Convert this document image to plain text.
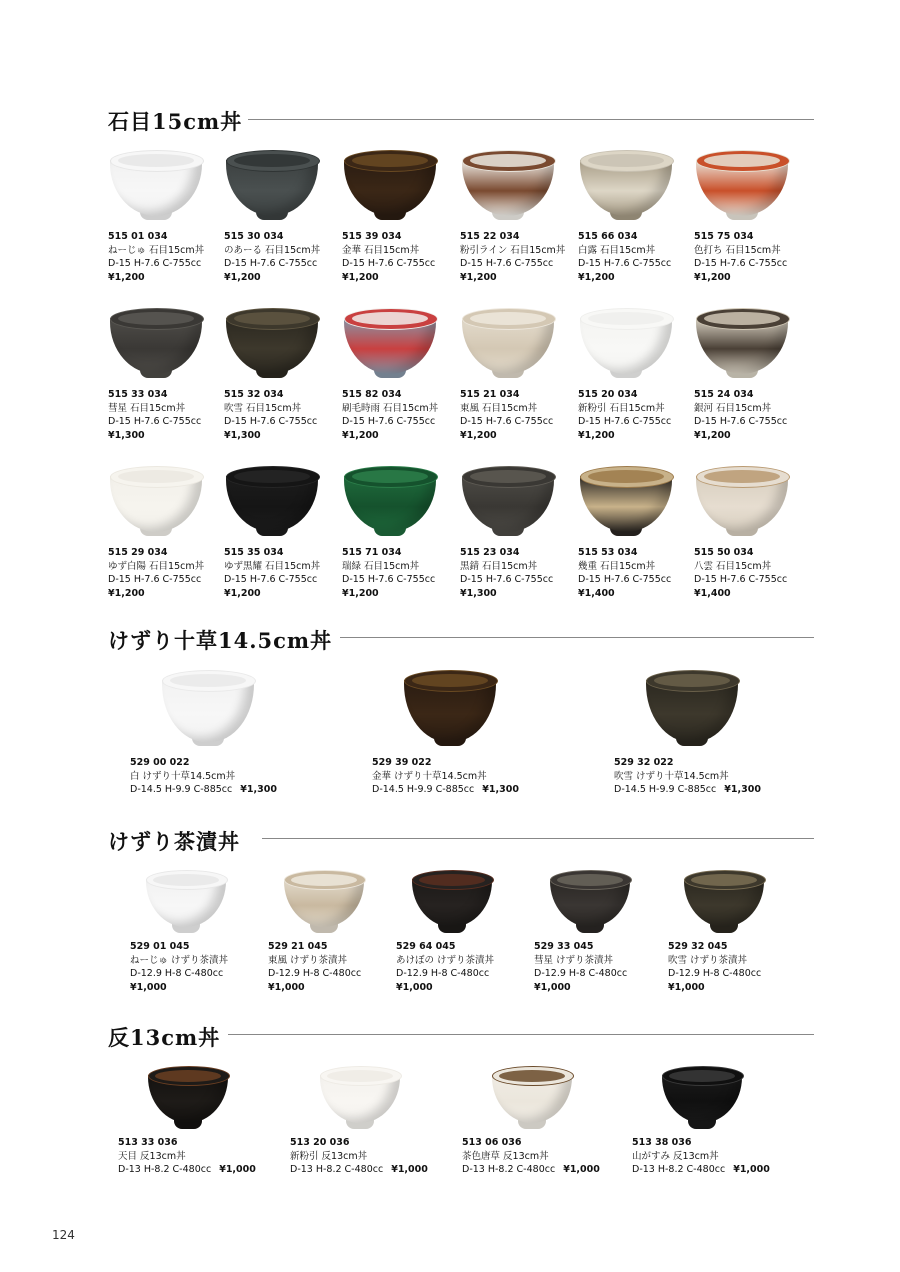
石目15cm丼
けずり十草14.5cm丼
けずり茶漬丼
反13cm丼
515 01 034
ねーじゅ 石目15cm丼
D-15 H-7.6 C-755cc
¥1,200
515 30 034
のあーる 石目15cm丼
D-15 H-7.6 C-755cc
¥1,200
515 39 034
金華 石目15cm丼
D-15 H-7.6 C-755cc
¥1,200
515 22 034
粉引ライン 石目15cm丼
D-15 H-7.6 C-755cc
¥1,200
515 66 034
白露 石目15cm丼
D-15 H-7.6 C-755cc
¥1,200
515 75 034
色打ち 石目15cm丼
D-15 H-7.6 C-755cc
¥1,200
515 33 034
彗星 石目15cm丼
D-15 H-7.6 C-755cc
¥1,300
515 32 034
吹雪 石目15cm丼
D-15 H-7.6 C-755cc
¥1,300
515 82 034
刷毛時雨 石目15cm丼
D-15 H-7.6 C-755cc
¥1,200
515 21 034
東風 石目15cm丼
D-15 H-7.6 C-755cc
¥1,200
515 20 034
新粉引 石目15cm丼
D-15 H-7.6 C-755cc
¥1,200
515 24 034
銀河 石目15cm丼
D-15 H-7.6 C-755cc
¥1,200
515 29 034
ゆず白陽 石目15cm丼
D-15 H-7.6 C-755cc
¥1,200
515 35 034
ゆず黒耀 石目15cm丼
D-15 H-7.6 C-755cc
¥1,200
515 71 034
瑞緑 石目15cm丼
D-15 H-7.6 C-755cc
¥1,200
515 23 034
黒錆 石目15cm丼
D-15 H-7.6 C-755cc
¥1,300
515 53 034
幾重 石目15cm丼
D-15 H-7.6 C-755cc
¥1,400
515 50 034
八雲 石目15cm丼
D-15 H-7.6 C-755cc
¥1,400
529 00 022
白 けずり十草14.5cm丼
D-14.5 H-9.9 C-885cc ¥1,300
529 39 022
金華 けずり十草14.5cm丼
D-14.5 H-9.9 C-885cc ¥1,300
529 32 022
吹雪 けずり十草14.5cm丼
D-14.5 H-9.9 C-885cc ¥1,300
529 01 045
ねーじゅ けずり茶漬丼
D-12.9 H-8 C-480cc
¥1,000
529 21 045
東風 けずり茶漬丼
D-12.9 H-8 C-480cc
¥1,000
529 64 045
あけぼの けずり茶漬丼
D-12.9 H-8 C-480cc
¥1,000
529 33 045
彗星 けずり茶漬丼
D-12.9 H-8 C-480cc
¥1,000
529 32 045
吹雪 けずり茶漬丼
D-12.9 H-8 C-480cc
¥1,000
513 33 036
天目 反13cm丼
D-13 H-8.2 C-480cc ¥1,000
513 20 036
新粉引 反13cm丼
D-13 H-8.2 C-480cc ¥1,000
513 06 036
茶色唐草 反13cm丼
D-13 H-8.2 C-480cc ¥1,000
513 38 036
山がすみ 反13cm丼
D-13 H-8.2 C-480cc ¥1,000
124
